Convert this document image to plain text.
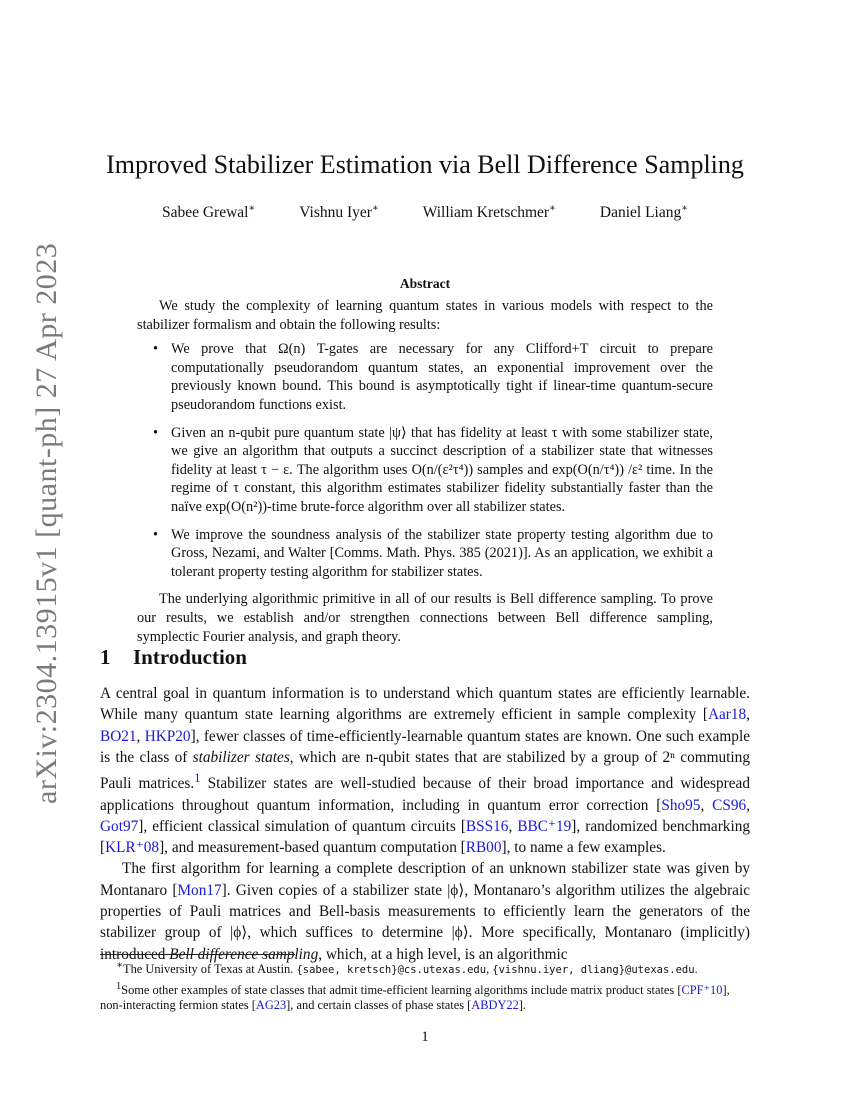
arXiv:2304.13915v1 [quant-ph] 27 Apr 2023
Improved Stabilizer Estimation via Bell Difference Sampling
Sabee Grewal∗	Vishnu Iyer∗	William Kretschmer∗	Daniel Liang∗
Abstract

We study the complexity of learning quantum states in various models with respect to the stabilizer formalism and obtain the following results:

• We prove that Ω(n) T-gates are necessary for any Clifford+T circuit to prepare computationally pseudorandom quantum states, an exponential improvement over the previously known bound. This bound is asymptotically tight if linear-time quantum-secure pseudorandom functions exist.
• Given an n-qubit pure quantum state |ψ⟩ that has fidelity at least τ with some stabilizer state, we give an algorithm that outputs a succinct description of a stabilizer state that witnesses fidelity at least τ − ε. The algorithm uses O(n/(ε²τ⁴)) samples and exp(O(n/τ⁴)) /ε² time. In the regime of τ constant, this algorithm estimates stabilizer fidelity substantially faster than the naïve exp(O(n²))-time brute-force algorithm over all stabilizer states.
• We improve the soundness analysis of the stabilizer state property testing algorithm due to Gross, Nezami, and Walter [Comms. Math. Phys. 385 (2021)]. As an application, we exhibit a tolerant property testing algorithm for stabilizer states.

The underlying algorithmic primitive in all of our results is Bell difference sampling. To prove our results, we establish and/or strengthen connections between Bell difference sampling, symplectic Fourier analysis, and graph theory.

1 Introduction

A central goal in quantum information is to understand which quantum states are efficiently learnable. While many quantum state learning algorithms are extremely efficient in sample complexity [Aar18, BO21, HKP20], fewer classes of time-efficiently-learnable quantum states are known. One such example is the class of stabilizer states, which are n-qubit states that are stabilized by a group of 2ⁿ commuting Pauli matrices.$^1$ Stabilizer states are well-studied because of their broad importance and widespread applications throughout quantum information, including in quantum error correction [Sho95, CS96, Got97], efficient classical simulation of quantum circuits [BSS16, BBC⁺19], randomized benchmarking [KLR⁺08], and measurement-based quantum computation [RB00], to name a few examples.

The first algorithm for learning a complete description of an unknown stabilizer state was given by Montanaro [Mon17]. Given copies of a stabilizer state |ϕ⟩, Montanaro’s algorithm utilizes the algebraic properties of Pauli matrices and Bell-basis measurements to efficiently learn the generators of the stabilizer group of |ϕ⟩, which suffices to determine |ϕ⟩. More specifically, Montanaro (implicitly) introduced Bell difference sampling, which, at a high level, is an algorithmic

∗The University of Texas at Austin. {sabee, kretsch}@cs.utexas.edu, {vishnu.iyer, dliang}@utexas.edu.

$^1$Some other examples of state classes that admit time-efficient learning algorithms include matrix product states [CPF⁺10], non-interacting fermion states [AG23], and certain classes of phase states [ABDY22].

1
